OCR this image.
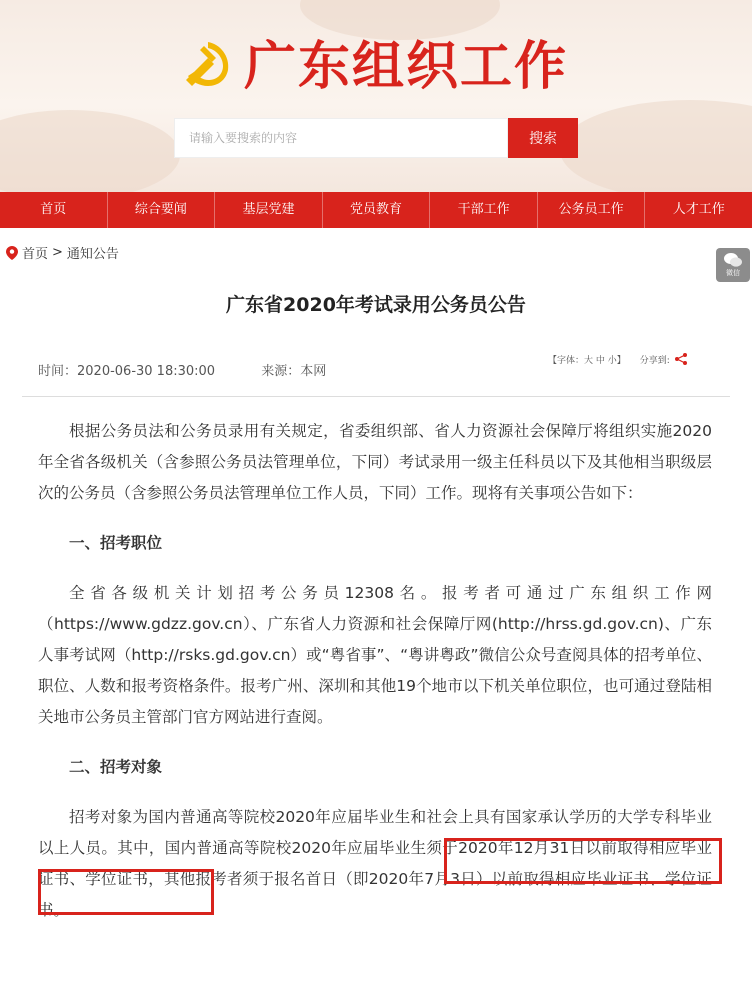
广东组织工作
请输入要搜索的内容
搜索
首页	综合要闻	基层党建	党员教育	干部工作	公务员工作	人才工作
首页 > 通知公告
微信
广东省2020年考试录用公务员公告
时间：2020-06-30 18:30:00	来源：本网
【字体：大 中 小】 分享到:

根据公务员法和公务员录用有关规定，省委组织部、省人力资源社会保障厅将组织实施2020年全省各级机关（含参照公务员法管理单位，下同）考试录用一级主任科员以下及其他相当职级层次的公务员（含参照公务员法管理单位工作人员，下同）工作。现将有关事项公告如下：

一、招考职位

全省各级机关计划招考公务员12308名。报考者可通过广东组织工作网（https://www.gdzz.gov.cn）、广东省人力资源和社会保障厅网(http://hrss.gd.gov.cn)、广东人事考试网（http://rsks.gd.gov.cn）或“粤省事”、“粤讲粤政”微信公众号查阅具体的招考单位、职位、人数和报考资格条件。报考广州、深圳和其他19个地市以下机关单位职位，也可通过登陆相关地市公务员主管部门官方网站进行查阅。

二、招考对象

招考对象为国内普通高等院校2020年应届毕业生和社会上具有国家承认学历的大学专科毕业以上人员。其中，国内普通高等院校2020年应届毕业生须于2020年12月31日以前取得相应毕业证书、学位证书，其他报考者须于报名首日（即2020年7月3日）以前取得相应毕业证书、学位证书。
